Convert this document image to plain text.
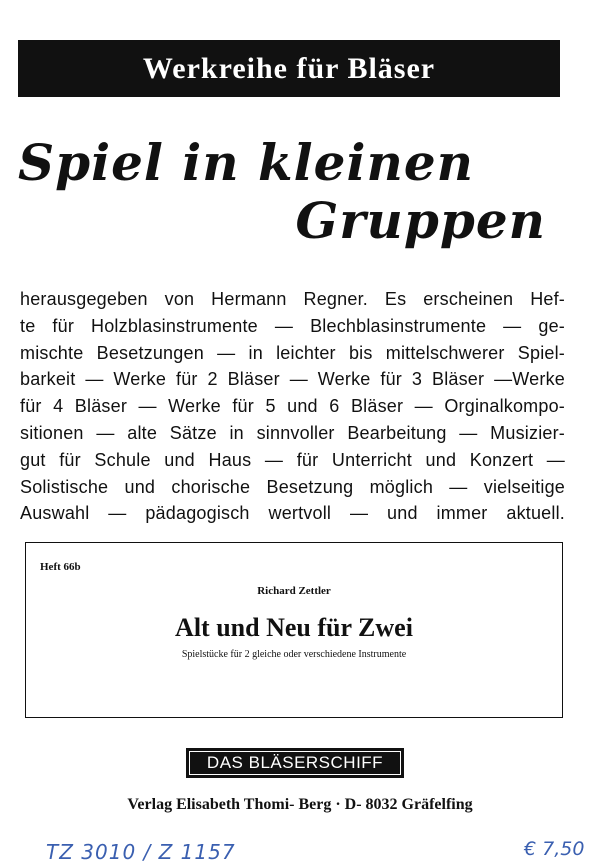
Werkreihe für Bläser
Spiel in kleinen
Gruppen
herausgegeben von Hermann Regner. Es erscheinen Hef-
te für Holzblasinstrumente — Blechblasinstrumente — ge-
mischte Besetzungen — in leichter bis mittelschwerer Spiel-
barkeit — Werke für 2 Bläser — Werke für 3 Bläser —Werke
für 4 Bläser — Werke für 5 und 6 Bläser — Orginalkompo-
sitionen — alte Sätze in sinnvoller Bearbeitung — Musizier-
gut für Schule und Haus — für Unterricht und Konzert —
Solistische und chorische Besetzung möglich — vielseitige
Auswahl — pädagogisch wertvoll — und immer aktuell.
Heft 66b
Richard Zettler
Alt und Neu für Zwei
Spielstücke für 2 gleiche oder verschiedene Instrumente
DAS BLÄSERSCHIFF
Verlag Elisabeth Thomi- Berg · D- 8032 Gräfelfing
TZ 3010 / Z 1157	€ 7,50
